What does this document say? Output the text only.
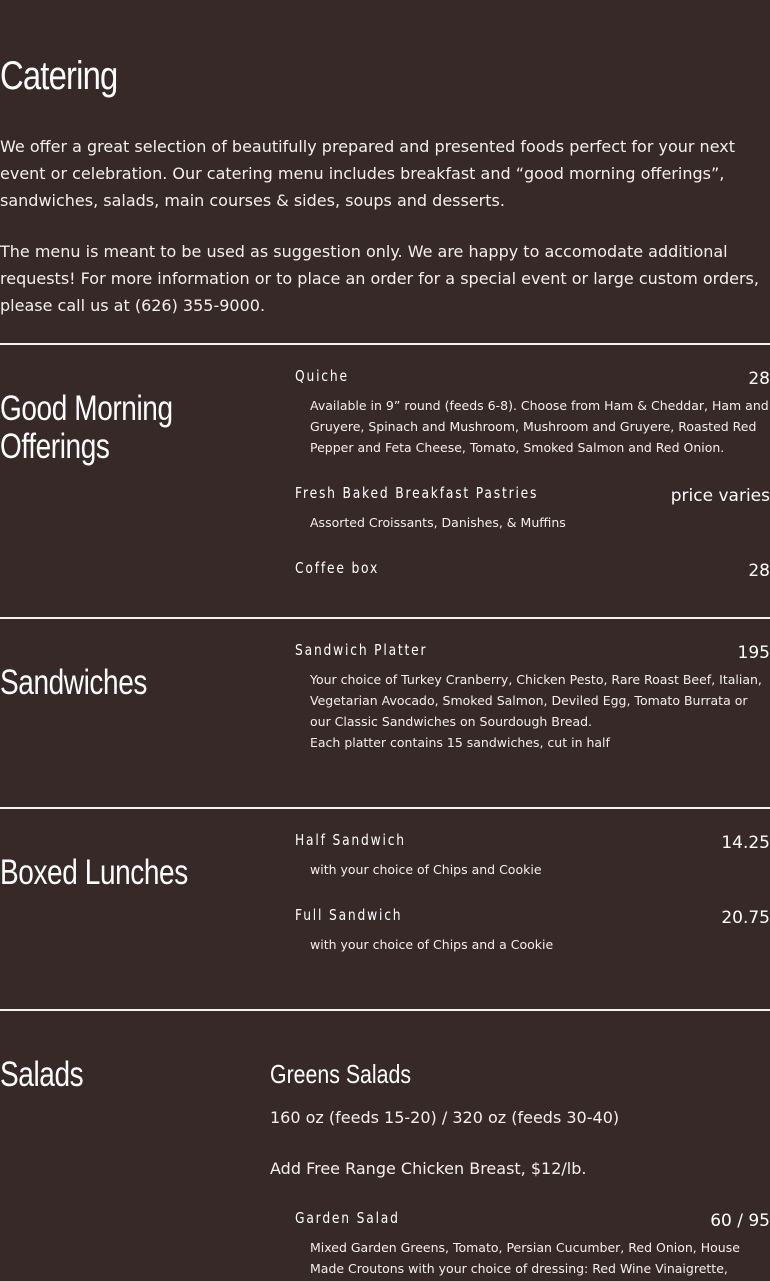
Catering

We offer a great selection of beautifully prepared and presented foods perfect for your next event or celebration. Our catering menu includes breakfast and “good morning offerings”, sandwiches, salads, main courses & sides, soups and desserts.

The menu is meant to be used as suggestion only. We are happy to accomodate additional requests! For more information or to place an order for a special event or large custom orders, please call us at (626) 355-9000.

Good Morning
Offerings
Quiche	28
Available in 9” round (feeds 6-8). Choose from Ham & Cheddar, Ham and
Gruyere, Spinach and Mushroom, Mushroom and Gruyere, Roasted Red
Pepper and Feta Cheese, Tomato, Smoked Salmon and Red Onion.
Fresh Baked Breakfast Pastries	price varies
Assorted Croissants, Danishes, & Muffins
Coffee box	28
Sandwiches
Sandwich Platter	195
Your choice of Turkey Cranberry, Chicken Pesto, Rare Roast Beef, Italian,
Vegetarian Avocado, Smoked Salmon, Deviled Egg, Tomato Burrata or
our Classic Sandwiches on Sourdough Bread.
Each platter contains 15 sandwiches, cut in half
Boxed Lunches
Half Sandwich	14.25
with your choice of Chips and Cookie
Full Sandwich	20.75
with your choice of Chips and a Cookie
Salads	Greens Salads

160 oz (feeds 15-20) / 320 oz (feeds 30-40)

Add Free Range Chicken Breast, $12/lb.

Garden Salad	60 / 95
Mixed Garden Greens, Tomato, Persian Cucumber, Red Onion, House
Made Croutons with your choice of dressing: Red Wine Vinaigrette,
